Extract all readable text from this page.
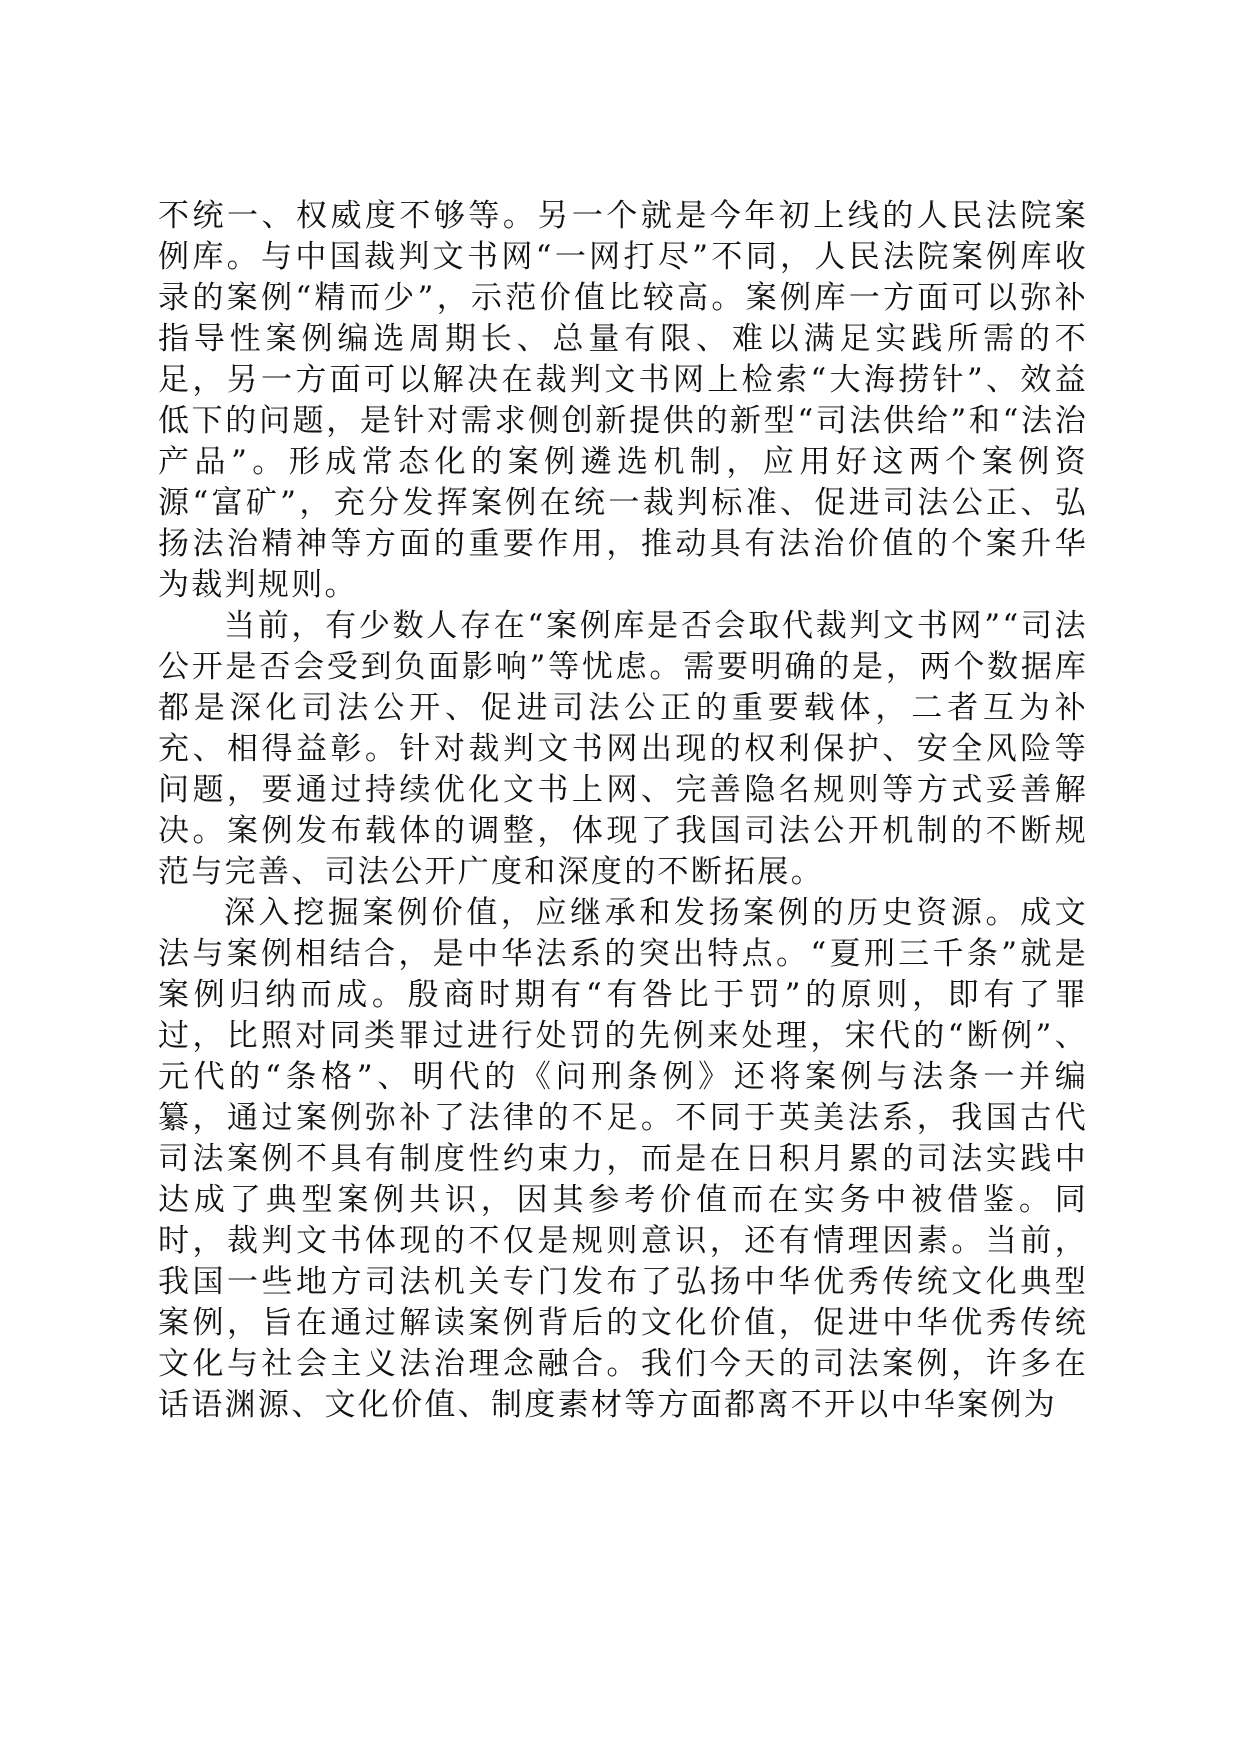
不统一、权威度不够等。另一个就是今年初上线的人民法院案例库。与中国裁判文书网“一网打尽”不同，人民法院案例库收录的案例“精而少”，示范价值比较高。案例库一方面可以弥补指导性案例编选周期长、总量有限、难以满足实践所需的不足，另一方面可以解决在裁判文书网上检索“大海捞针”、效益低下的问题，是针对需求侧创新提供的新型“司法供给”和“法治产品”。形成常态化的案例遴选机制，应用好这两个案例资源“富矿”，充分发挥案例在统一裁判标准、促进司法公正、弘扬法治精神等方面的重要作用，推动具有法治价值的个案升华为裁判规则。

当前，有少数人存在“案例库是否会取代裁判文书网”“司法公开是否会受到负面影响”等忧虑。需要明确的是，两个数据库都是深化司法公开、促进司法公正的重要载体，二者互为补充、相得益彰。针对裁判文书网出现的权利保护、安全风险等问题，要通过持续优化文书上网、完善隐名规则等方式妥善解决。案例发布载体的调整，体现了我国司法公开机制的不断规范与完善、司法公开广度和深度的不断拓展。

深入挖掘案例价值，应继承和发扬案例的历史资源。成文法与案例相结合，是中华法系的突出特点。“夏刑三千条”就是案例归纳而成。殷商时期有“有咎比于罚”的原则，即有了罪过，比照对同类罪过进行处罚的先例来处理，宋代的“断例”、元代的“条格”、明代的《问刑条例》还将案例与法条一并编纂，通过案例弥补了法律的不足。不同于英美法系，我国古代司法案例不具有制度性约束力，而是在日积月累的司法实践中达成了典型案例共识，因其参考价值而在实务中被借鉴。同时，裁判文书体现的不仅是规则意识，还有情理因素。当前，我国一些地方司法机关专门发布了弘扬中华优秀传统文化典型案例，旨在通过解读案例背后的文化价值，促进中华优秀传统文化与社会主义法治理念融合。我们今天的司法案例，许多在话语渊源、文化价值、制度素材等方面都离不开以中华案例为
